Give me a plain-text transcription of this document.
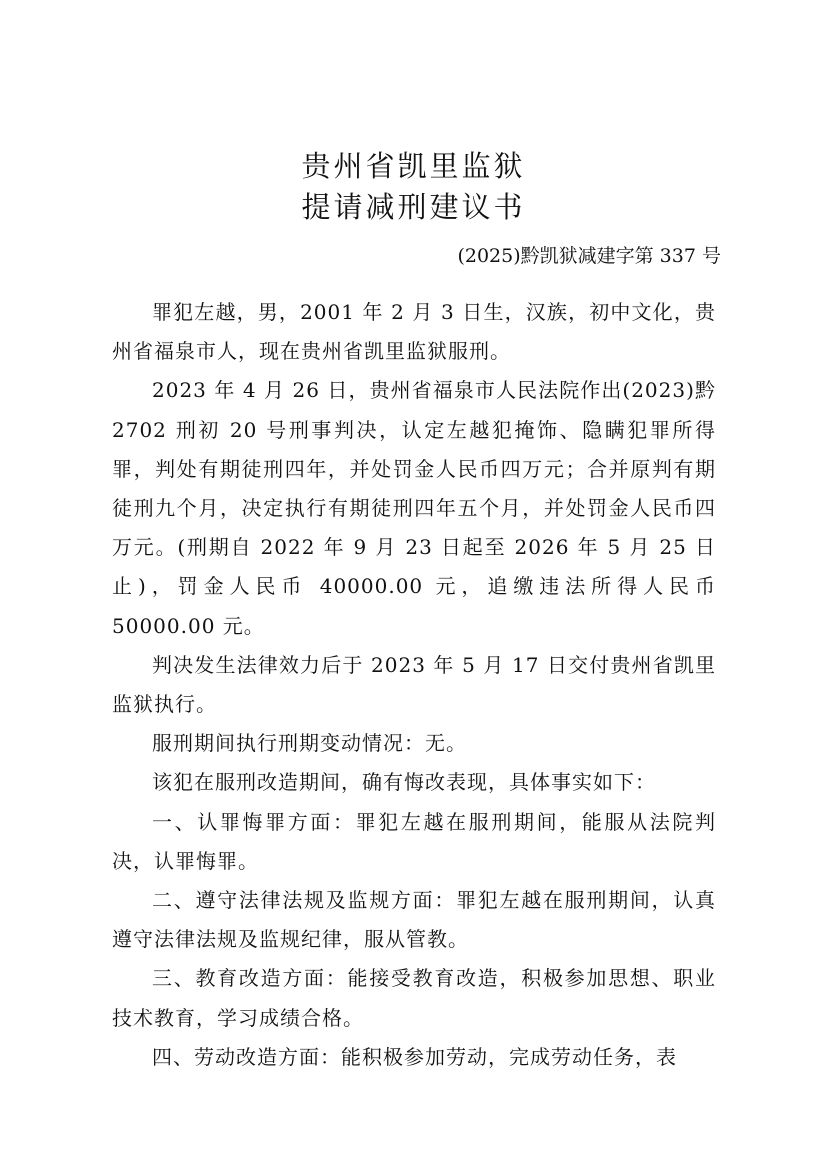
贵州省凯里监狱
提请减刑建议书
(2025)黔凯狱减建字第 337 号

罪犯左越，男，2001 年 2 月 3 日生，汉族，初中文化，贵州省福泉市人，现在贵州省凯里监狱服刑。

2023 年 4 月 26 日，贵州省福泉市人民法院作出(2023)黔 2702 刑初 20 号刑事判决，认定左越犯掩饰、隐瞒犯罪所得罪，判处有期徒刑四年，并处罚金人民币四万元；合并原判有期徒刑九个月，决定执行有期徒刑四年五个月，并处罚金人民币四万元。(刑期自 2022 年 9 月 23 日起至 2026 年 5 月 25 日止)，罚金人民币 40000.00 元，追缴违法所得人民币 50000.00 元。

判决发生法律效力后于 2023 年 5 月 17 日交付贵州省凯里监狱执行。

服刑期间执行刑期变动情况：无。

该犯在服刑改造期间，确有悔改表现，具体事实如下：

一、认罪悔罪方面：罪犯左越在服刑期间，能服从法院判决，认罪悔罪。

二、遵守法律法规及监规方面：罪犯左越在服刑期间，认真遵守法律法规及监规纪律，服从管教。

三、教育改造方面：能接受教育改造，积极参加思想、职业技术教育，学习成绩合格。

四、劳动改造方面：能积极参加劳动，完成劳动任务，表
